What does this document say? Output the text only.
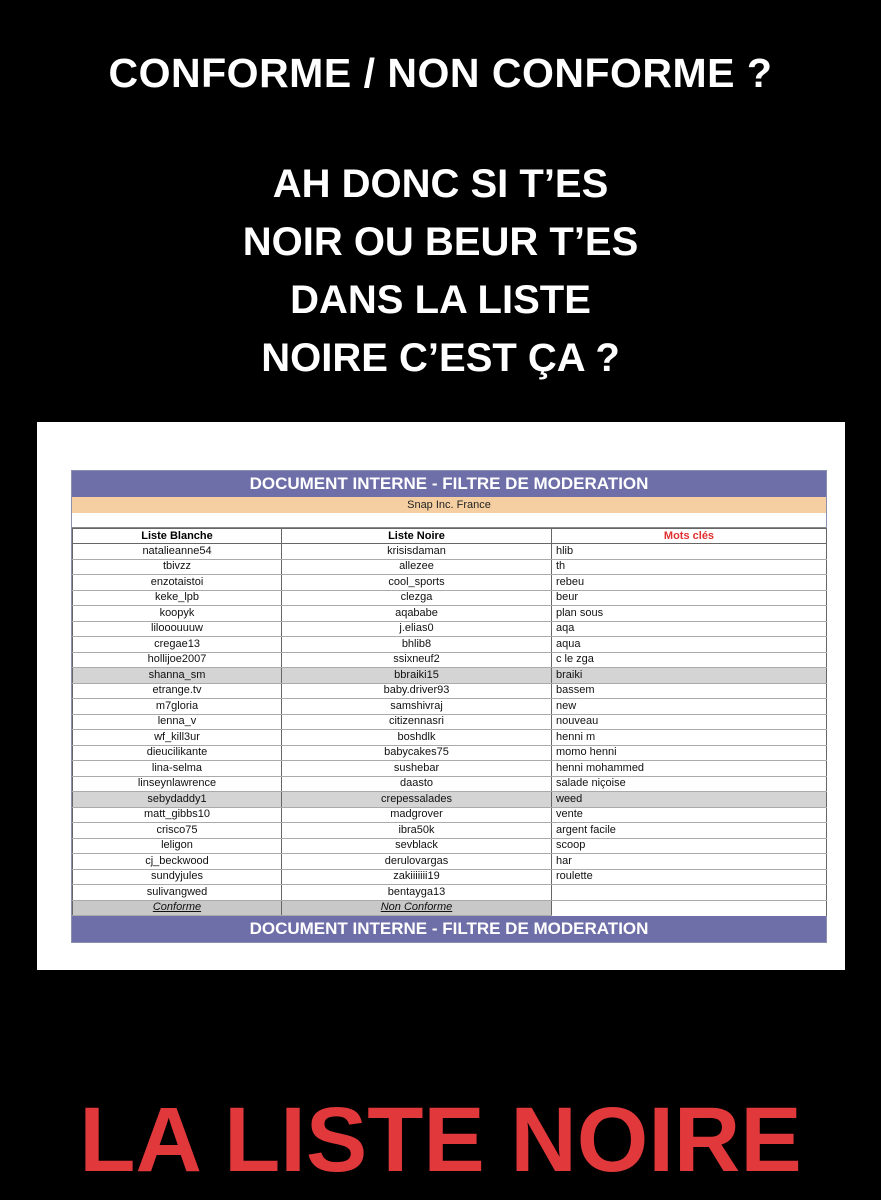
CONFORME / NON CONFORME ?
AH DONC SI T’ES
NOIR OU BEUR T’ES
DANS LA LISTE
NOIRE C’EST ÇA ?
DOCUMENT INTERNE - FILTRE DE MODERATION
Snap Inc. France
Liste Blanche	Liste Noire	Mots clés
natalieanne54	krisisdaman	hlib
tbivzz	allezee	th
enzotaistoi	cool_sports	rebeu
keke_lpb	clezga	beur
koopyk	aqababe	plan sous
lilooouuuw	j.elias0	aqa
cregae13	bhlib8	aqua
hollijoe2007	ssixneuf2	c le zga
shanna_sm	bbraiki15	braiki
etrange.tv	baby.driver93	bassem
m7gloria	samshivraj	new
lenna_v	citizennasri	nouveau
wf_kill3ur	boshdlk	henni m
dieucilikante	babycakes75	momo henni
lina-selma	sushebar	henni mohammed
linseynlawrence	daasto	salade niçoise
sebydaddy1	crepessalades	weed
matt_gibbs10	madgrover	vente
crisco75	ibra50k	argent facile
leligon	sevblack	scoop
cj_beckwood	derulovargas	har
sundyjules	zakiiiiiii19	roulette
sulivangwed	bentayga13	
Conforme	Non Conforme	
DOCUMENT INTERNE - FILTRE DE MODERATION
LA LISTE NOIRE
